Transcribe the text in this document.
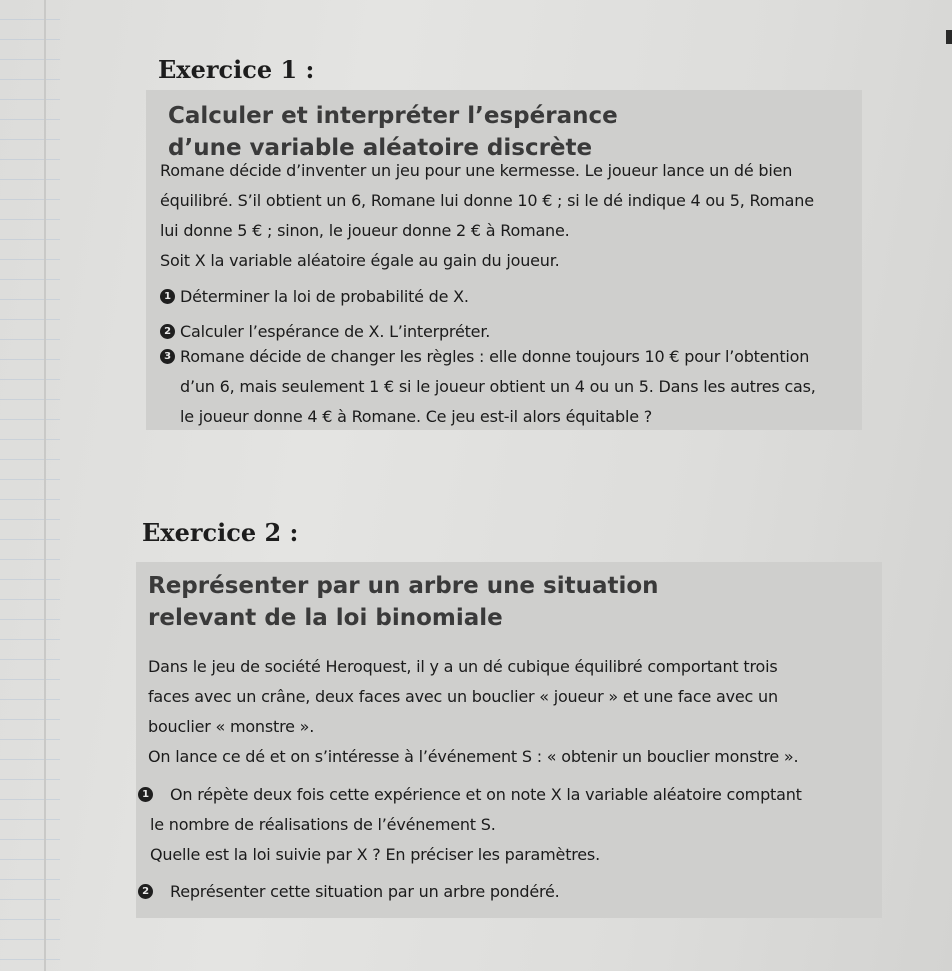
Exercice 1 :
Calculer et interpréter l’espérance
d’une variable aléatoire discrète
Romane décide d’inventer un jeu pour une kermesse. Le joueur lance un dé bien
équilibré. S’il obtient un 6, Romane lui donne 10 € ; si le dé indique 4 ou 5, Romane
lui donne 5 € ; sinon, le joueur donne 2 € à Romane.
Soit X la variable aléatoire égale au gain du joueur.
1 Déterminer la loi de probabilité de X.
2 Calculer l’espérance de X. L’interpréter.
3 Romane décide de changer les règles : elle donne toujours 10 € pour l’obtention
d’un 6, mais seulement 1 € si le joueur obtient un 4 ou un 5. Dans les autres cas,
le joueur donne 4 € à Romane. Ce jeu est-il alors équitable ?
Exercice 2 :
Représenter par un arbre une situation
relevant de la loi binomiale
Dans le jeu de société Heroquest, il y a un dé cubique équilibré comportant trois
faces avec un crâne, deux faces avec un bouclier « joueur » et une face avec un
bouclier « monstre ».
On lance ce dé et on s’intéresse à l’événement S : « obtenir un bouclier monstre ».
1 On répète deux fois cette expérience et on note X la variable aléatoire comptant
le nombre de réalisations de l’événement S.
Quelle est la loi suivie par X ? En préciser les paramètres.
2 Représenter cette situation par un arbre pondéré.
